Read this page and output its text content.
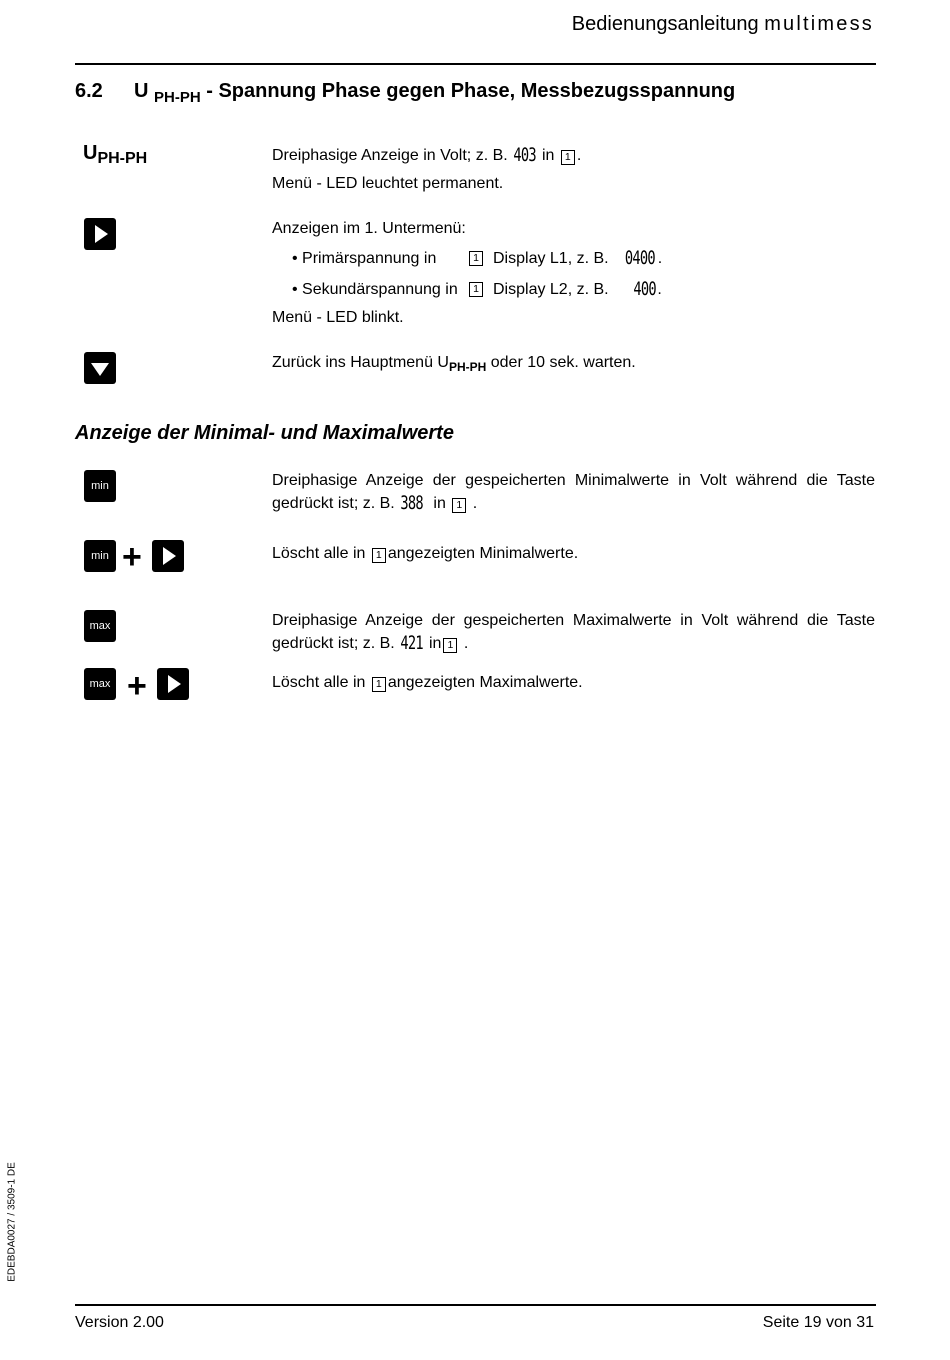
Bedienungsanleitung multimess
6.2 U $_{PH-PH}$ - Spannung Phase gegen Phase, Messbezugsspannung
$U_{PH-PH}$	Dreiphasige Anzeige in Volt; z. B. 403 in 1 .
Menü - LED leuchtet permanent.
Anzeigen im 1. Untermenü:
• Primärspannung in	1 Display L1, z. B. 0400 .
• Sekundärspannung in	1 Display L2, z. B. 400.
Menü - LED blinkt.
Zurück ins Hauptmenü $U_{PH-PH}$ oder 10 sek. warten.
Anzeige der Minimal- und Maximalwerte
min	Dreiphasige Anzeige der gespeicherten Minimalwerte in Volt während die Taste gedrückt ist; z. B. 388 in 1 .
min +	Löscht alle in 1 angezeigten Minimalwerte.
max	Dreiphasige Anzeige der gespeicherten Maximalwerte in Volt während die Taste gedrückt ist; z. B. 421 in 1 .
max +	Löscht alle in 1 angezeigten Maximalwerte.
EDEBDA0027 / 3509-1 DE
Version 2.00	Seite 19 von 31
